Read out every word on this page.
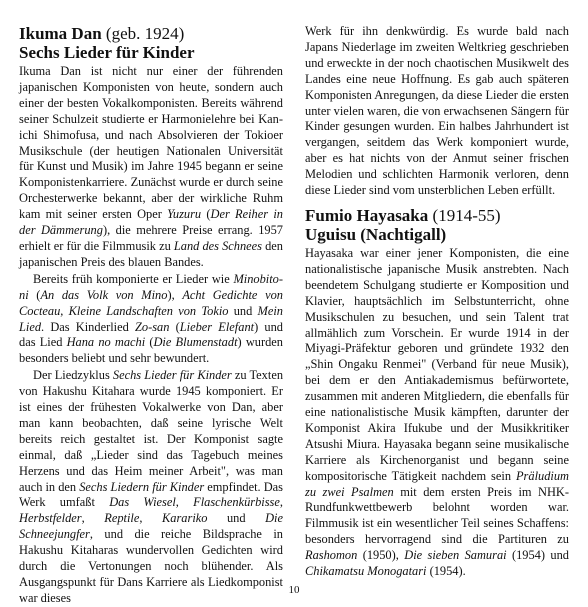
Ikuma Dan (geb. 1924)
Sechs Lieder für Kinder

Ikuma Dan ist nicht nur einer der führenden japanischen Komponisten von heute, sondern auch einer der besten Vokalkomponisten. Bereits während seiner Schulzeit studierte er Harmonielehre bei Kan-ichi Shimofusa, und nach Absolvieren der Tokioer Musikschule (der heutigen Nationalen Universität für Kunst und Musik) im Jahre 1945 begann er seine Komponistenkarriere. Zunächst wurde er durch seine Orchesterwerke bekannt, aber der wirkliche Ruhm kam mit seiner ersten Oper Yuzuru (Der Reiher in der Dämmerung), die mehrere Preise errang. 1957 erhielt er für die Filmmusik zu Land des Schnees den japanischen Preis des blauen Bandes.

Bereits früh komponierte er Lieder wie Minobito-ni (An das Volk von Mino), Acht Gedichte von Cocteau, Kleine Landschaften von Tokio und Mein Lied. Das Kinderlied Zo-san (Lieber Elefant) und das Lied Hana no machi (Die Blumenstadt) wurden besonders beliebt und sehr bewundert.

Der Liedzyklus Sechs Lieder für Kinder zu Texten von Hakushu Kitahara wurde 1945 komponiert. Er ist eines der frühesten Vokalwerke von Dan, aber man kann beobachten, daß seine lyrische Welt bereits reich gestaltet ist. Der Komponist sagte einmal, daß „Lieder sind das Tagebuch meines Herzens und das Heim meiner Arbeit", was man auch in den Sechs Liedern für Kinder empfindet. Das Werk umfaßt Das Wiesel, Flaschenkürbisse, Herbstfelder, Reptile, Karariko und Die Schneejungfer, und die reiche Bildsprache in Hakushu Kitaharas wundervollen Gedichten wird durch die Vertonungen noch blühender. Als Ausgangspunkt für Dans Karriere als Liedkomponist war dieses

Werk für ihn denkwürdig. Es wurde bald nach Japans Niederlage im zweiten Weltkrieg geschrieben und erweckte in der noch chaotischen Musikwelt des Landes eine neue Hoffnung. Es gab auch späteren Komponisten Anregungen, da diese Lieder die ersten unter vielen waren, die von erwachsenen Sängern für Kinder gesungen wurden. Ein halbes Jahrhundert ist vergangen, seitdem das Werk komponiert wurde, aber es hat nichts von der Anmut seiner frischen Melodien und schlichten Harmonik verloren, denn diese Lieder sind vom unsterblichen Leben erfüllt.

Fumio Hayasaka (1914-55)
Uguisu (Nachtigall)

Hayasaka war einer jener Komponisten, die eine nationalistische japanische Musik anstrebten. Nach beendetem Schulgang studierte er Komposition und Klavier, hauptsächlich im Selbstunterricht, ohne Musikschulen zu besuchen, und sein Talent trat allmählich zum Vorschein. Er wurde 1914 in der Miyagi-Präfektur geboren und gründete 1932 den „Shin Ongaku Renmei" (Verband für neue Musik), bei dem er den Antiakademismus befürwortete, zusammen mit anderen Mitgliedern, die ebenfalls für eine nationalistische Musik kämpften, darunter der Komponist Akira Ifukube und der Musikkritiker Atsushi Miura. Hayasaka begann seine musikalische Karriere als Kirchenorganist und begann seine kompositorische Tätigkeit nachdem sein Präludium zu zwei Psalmen mit dem ersten Preis im NHK-Rundfunkwettbewerb belohnt worden war. Filmmusik ist ein wesentlicher Teil seines Schaffens: besonders hervorragend sind die Partituren zu Rashomon (1950), Die sieben Samurai (1954) und Chikamatsu Monogatari (1954).

10
